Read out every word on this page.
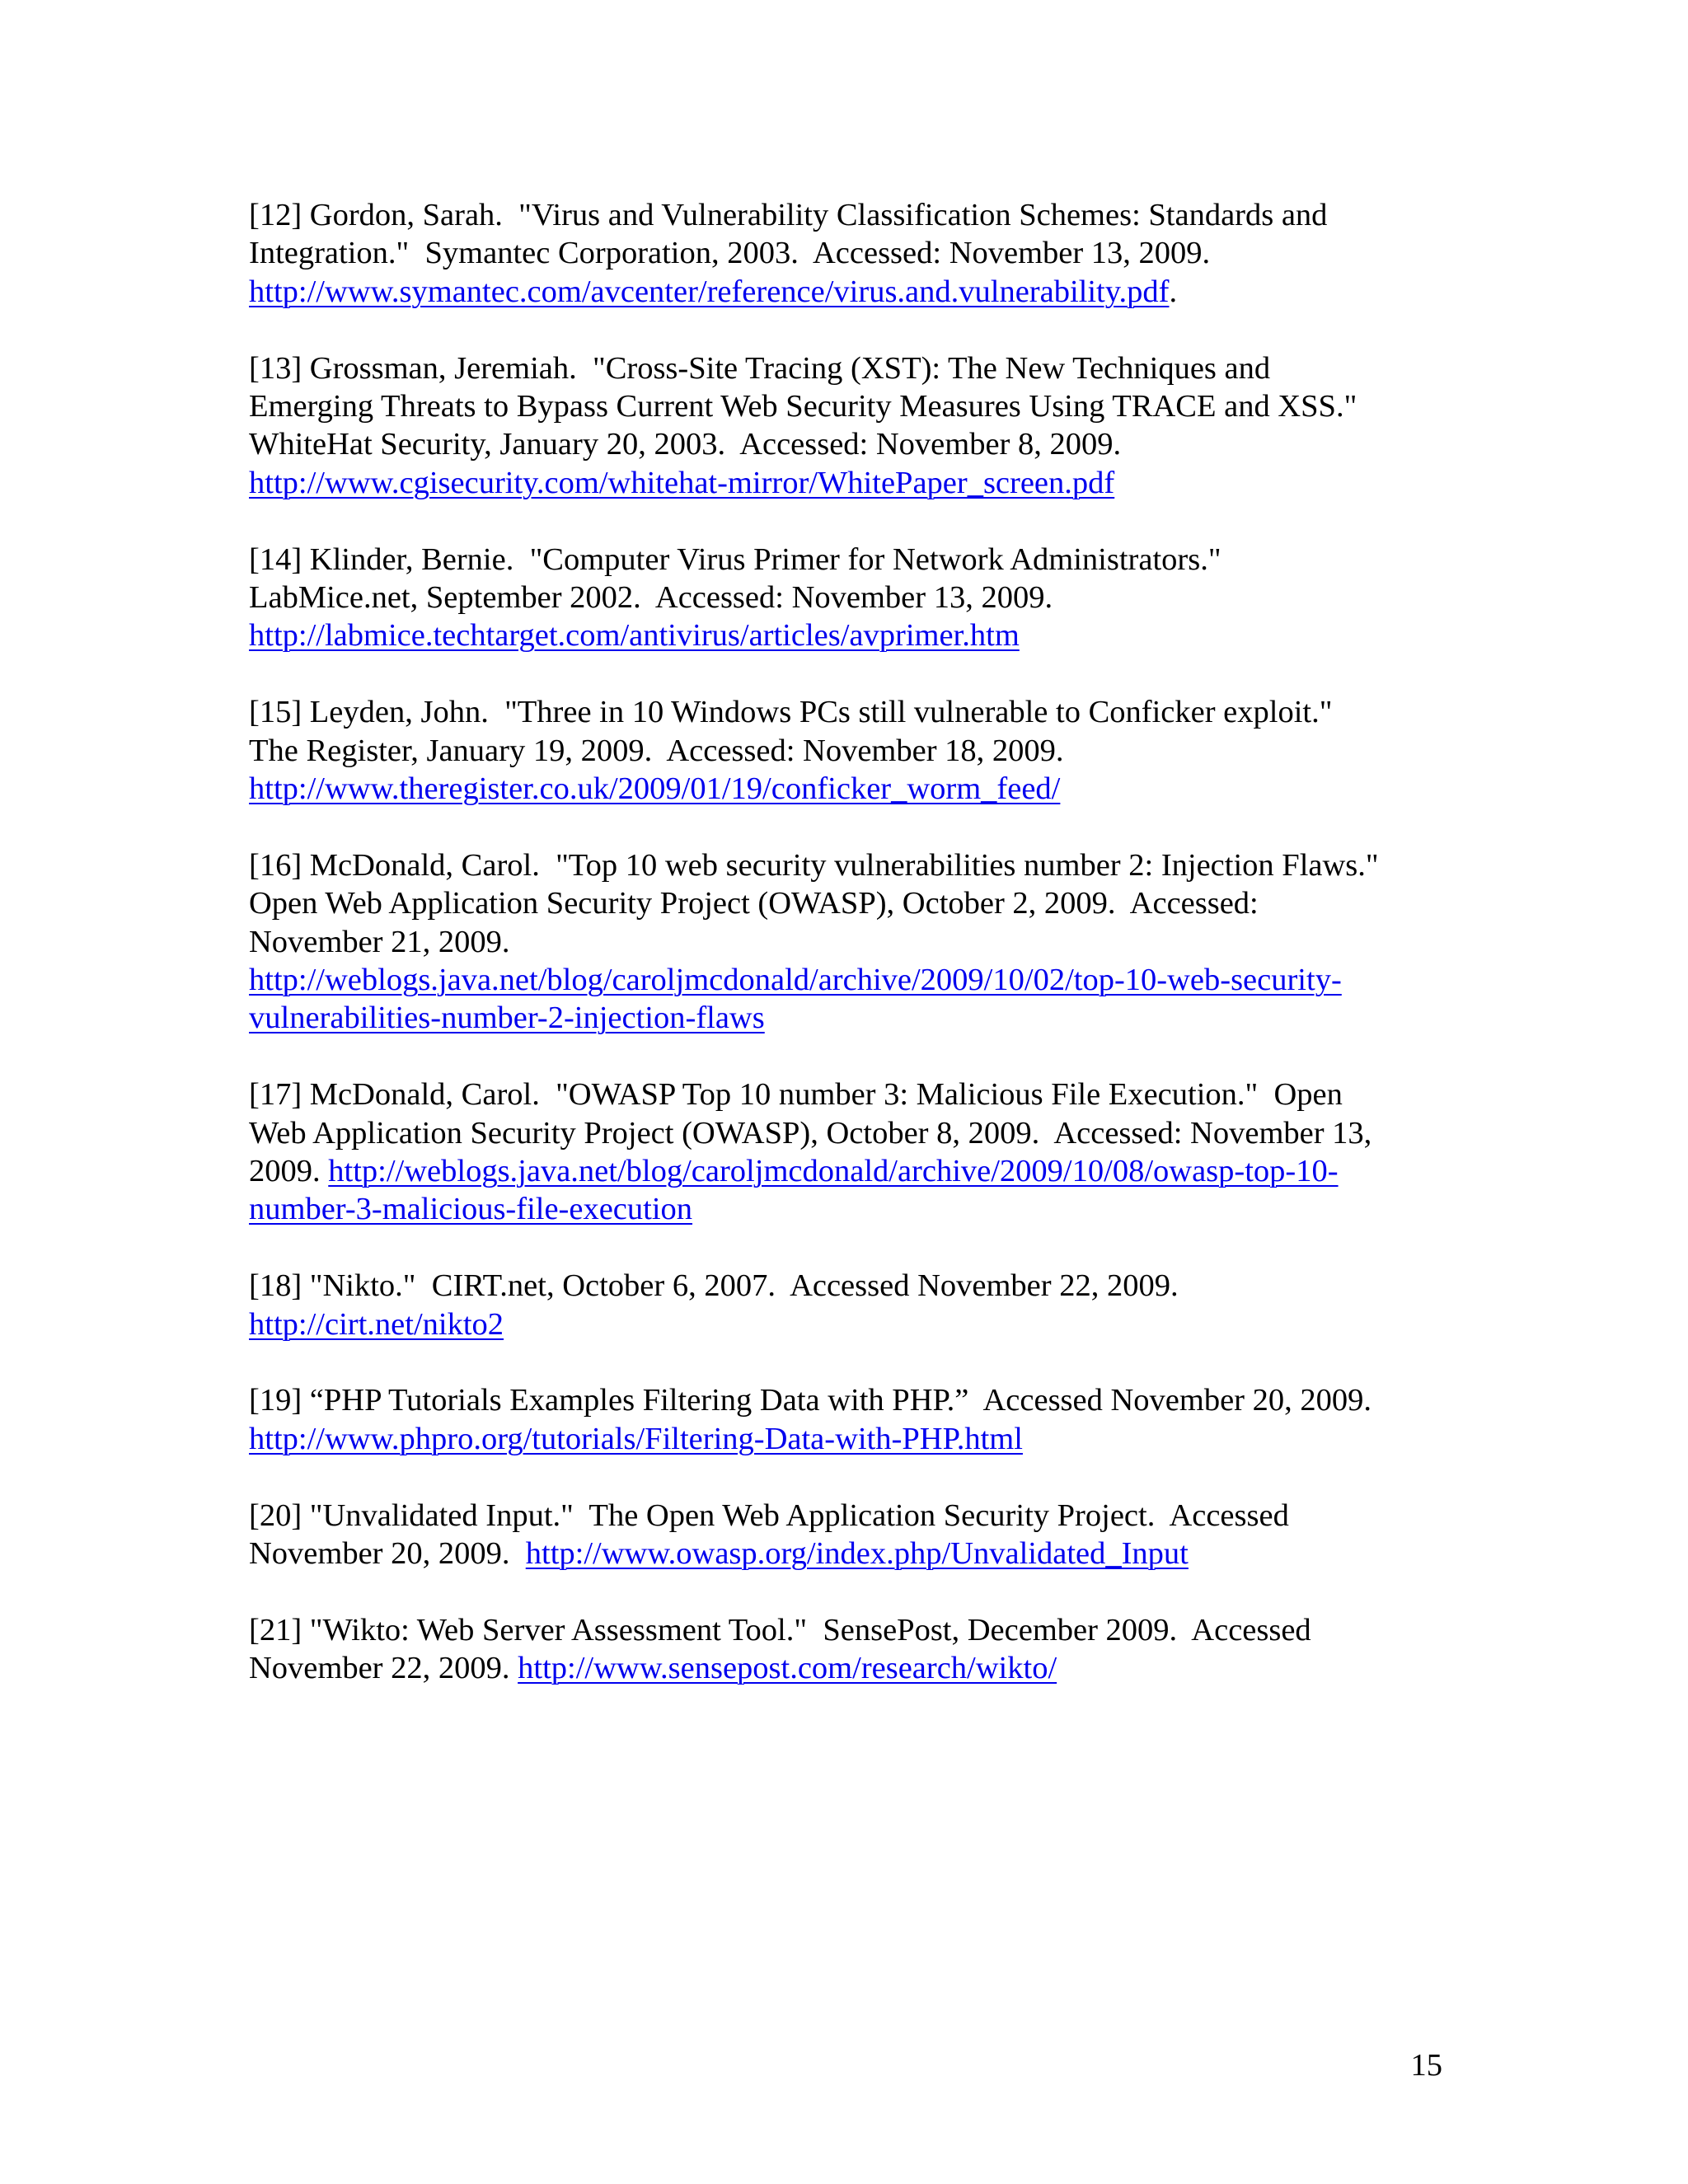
[12] Gordon, Sarah.  "Virus and Vulnerability Classification Schemes: Standards and
Integration."  Symantec Corporation, 2003.  Accessed: November 13, 2009.
http://www.symantec.com/avcenter/reference/virus.and.vulnerability.pdf.
[13] Grossman, Jeremiah.  "Cross-Site Tracing (XST): The New Techniques and
Emerging Threats to Bypass Current Web Security Measures Using TRACE and XSS."
WhiteHat Security, January 20, 2003.  Accessed: November 8, 2009.
http://www.cgisecurity.com/whitehat-mirror/WhitePaper_screen.pdf
[14] Klinder, Bernie.  "Computer Virus Primer for Network Administrators."
LabMice.net, September 2002.  Accessed: November 13, 2009.
http://labmice.techtarget.com/antivirus/articles/avprimer.htm
[15] Leyden, John.  "Three in 10 Windows PCs still vulnerable to Conficker exploit."
The Register, January 19, 2009.  Accessed: November 18, 2009.
http://www.theregister.co.uk/2009/01/19/conficker_worm_feed/
[16] McDonald, Carol.  "Top 10 web security vulnerabilities number 2: Injection Flaws."
Open Web Application Security Project (OWASP), October 2, 2009.  Accessed:
November 21, 2009.
http://weblogs.java.net/blog/caroljmcdonald/archive/2009/10/02/top-10-web-security-
vulnerabilities-number-2-injection-flaws
[17] McDonald, Carol.  "OWASP Top 10 number 3: Malicious File Execution."  Open
Web Application Security Project (OWASP), October 8, 2009.  Accessed: November 13,
2009. http://weblogs.java.net/blog/caroljmcdonald/archive/2009/10/08/owasp-top-10-
number-3-malicious-file-execution
[18] "Nikto."  CIRT.net, October 6, 2007.  Accessed November 22, 2009.
http://cirt.net/nikto2
[19] “PHP Tutorials Examples Filtering Data with PHP.”  Accessed November 20, 2009.
http://www.phpro.org/tutorials/Filtering-Data-with-PHP.html
[20] "Unvalidated Input."  The Open Web Application Security Project.  Accessed
November 20, 2009.  http://www.owasp.org/index.php/Unvalidated_Input
[21] "Wikto: Web Server Assessment Tool."  SensePost, December 2009.  Accessed
November 22, 2009. http://www.sensepost.com/research/wikto/
15
